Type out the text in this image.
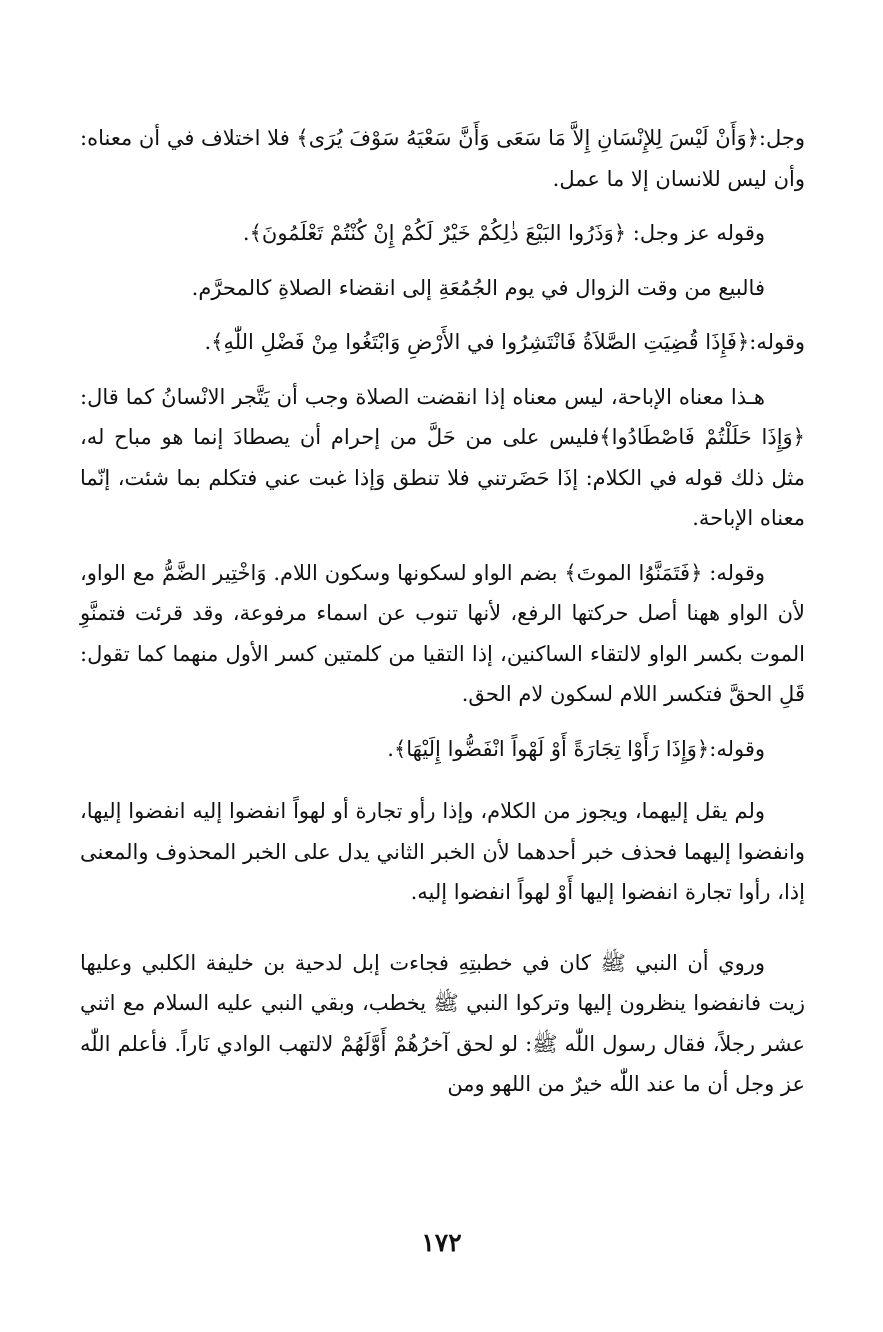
وجل:﴿وَأَنْ لَيْسَ لِلإِنْسَانِ إِلاَّ مَا سَعَى وَأَنَّ سَعْيَهُ سَوْفَ يُرَى﴾ فلا اختلاف في أن معناه: وأن ليس للانسان إلا ما عمل.

وقوله عز وجل: ﴿وَذَرُوا البَيْعَ ذٰلِكُمْ خَيْرٌ لَكُمْ إِنْ كُنْتُمْ تَعْلَمُونَ﴾.

فالبيع من وقت الزوال في يوم الجُمُعَةِ إلى انقضاء الصلاةِ كالمحرَّم.

وقوله:﴿فَإِذَا قُضِيَتِ الصَّلاَةُ فَانْتَشِرُوا في الأَرْضِ وَابْتَغُوا مِنْ فَضْلِ اللّٰهِ﴾.

هـذا معناه الإباحة، ليس معناه إذا انقضت الصلاة وجب أن يَتَّجر الانْسانُ كما قال:﴿وَإِذَا حَلَلْتُمْ فَاصْطَادُوا﴾فليس على من حَلَّ من إحرام أن يصطادَ إنما هو مباح له، مثل ذلك قوله في الكلام: إذَا حَضَرتني فلا تنطق وَإذا غبت عني فتكلم بما شئت، إنّما معناه الإباحة.

وقوله: ﴿فَتَمَنَّوُا الموتَ﴾ بضم الواو لسكونها وسكون اللام. وَاخْتِير الضَّمُّ مع الواو، لأن الواو ههنا أصل حركتها الرفع، لأنها تنوب عن اسماء مرفوعة، وقد قرئت فتمنَّوِ الموت بكسر الواو لالتقاء الساكنين، إذا التقيا من كلمتين كسر الأول منهما كما تقول: قَلِ الحقَّ فتكسر اللام لسكون لام الحق.

وقوله:﴿وَإِذَا رَأَوْا تِجَارَةً أَوْ لَهْواً انْفَضُّوا إِلَيْهَا﴾.

ولم يقل إليهما، ويجوز من الكلام، وإذا رأو تجارة أو لهواً انفضوا إليه انفضوا إليها، وانفضوا إليهما فحذف خبر أحدهما لأن الخبر الثاني يدل على الخبر المحذوف والمعنى إذا، رأوا تجارة انفضوا إليها أَوْ لهواً انفضوا إليه.

وروي أن النبي ﷺ كان في خطبتِهِ فجاءت إبل لدحية بن خليفة الكلبي وعليها زيت فانفضوا ينظرون إليها وتركوا النبي ﷺ يخطب، وبقي النبي عليه السلام مع اثني عشر رجلاً، فقال رسول اللّٰه ﷺ: لو لحق آخرُهُمْ أَوَّلَهُمْ لالتهب الوادي نَاراً. فأعلم اللّٰه عز وجل أن ما عند اللّٰه خيرٌ من اللهو ومن

١٧٢
